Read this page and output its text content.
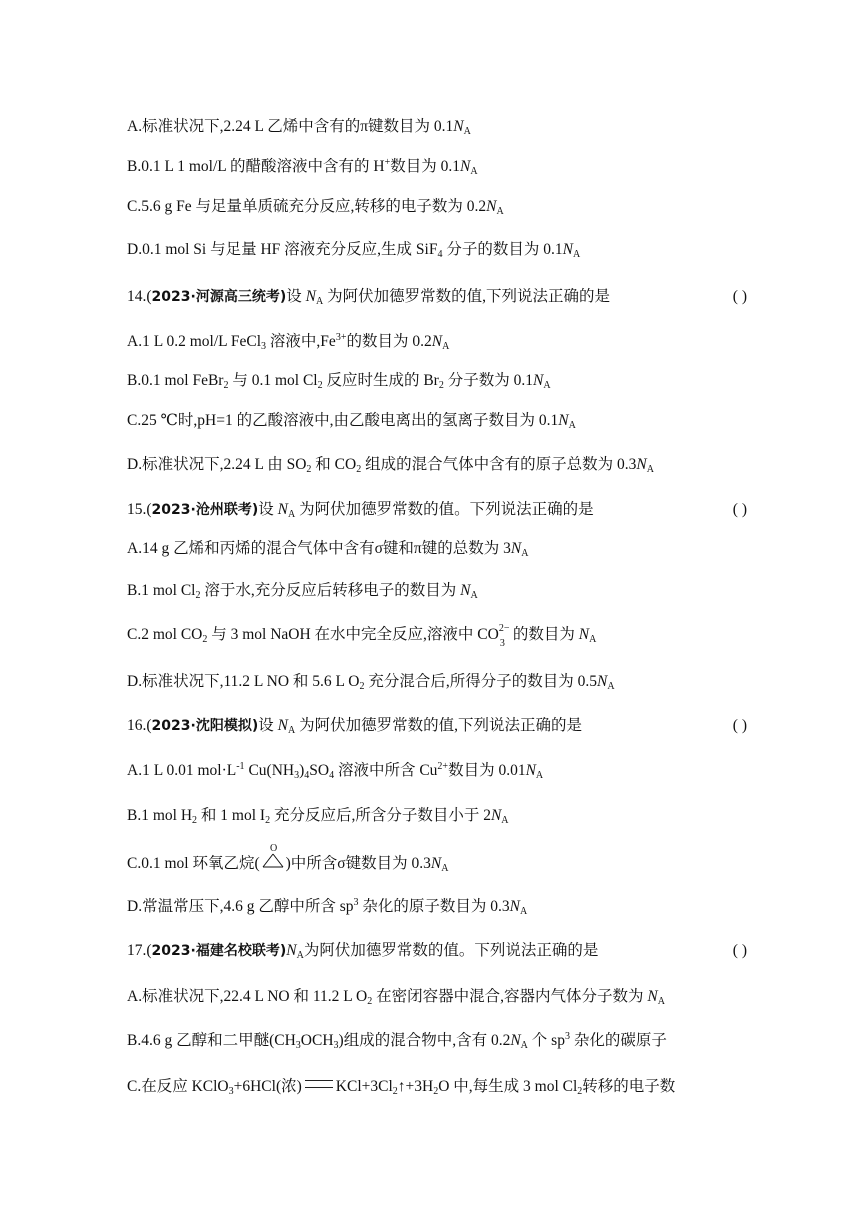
A.标准状况下,2.24 L 乙烯中含有的π键数目为 $0.1N_A$
B.0.1 L 1 mol/L 的醋酸溶液中含有的 H+数目为 $0.1N_A$
C.5.6 g Fe 与足量单质硫充分反应,转移的电子数为 $0.2N_A$
D.0.1 mol Si 与足量 HF 溶液充分反应,生成 SiF$_4$ 分子的数目为 $0.1N_A$
14.(2023·河源高三统考)设 $N_A$ 为阿伏加德罗常数的值,下列说法正确的是	( )
A.1 L 0.2 mol/L FeCl$_3$ 溶液中$,Fe^{3+}$的数目为 $0.2N_A$
B.0.1 mol FeBr$_2$ 与 0.1 mol $Cl_2$ 反应时生成的 $Br_2$ 分子数为 $0.1N_A$
C.25 ℃时,pH=1 的乙酸溶液中,由乙酸电离出的氢离子数目为 $0.1N_A$
D.标准状况下,2.24 L 由 $SO_2$ 和 $CO_2$ 组成的混合气体中含有的原子总数为 $0.3N_A$
15.(2023·沧州联考)设 $N_A$ 为阿伏加德罗常数的值。下列说法正确的是	( )
A.14 g 乙烯和丙烯的混合气体中含有σ键和π键的总数为 $3N_A$
B.1 mol $Cl_2$ 溶于水,充分反应后转移电子的数目为 $N_A$
C.2 mol $CO_2$ 与 3 mol NaOH 在水中完全反应,溶液中 CO 2−
3
的数目为 $N_A$
D.标准状况下,11.2 L NO 和 5.6 L $O_2$ 充分混合后,所得分子的数目为 $0.5N_A$
16.(2023·沈阳模拟)设 $N_A$ 为阿伏加德罗常数的值,下列说法正确的是	( )
A.1 L 0.01 $mol\cdot L^{-1}$ $Cu(NH_3)_4SO_4$ 溶液中所含 $Cu^{2+}$数目为 $0.01N_A$
B.1 mol $H_2$ 和 1 mol $I_2$ 充分反应后,所含分子数目小于 $2N_A$
C.0.1 mol 环氧乙烷(
O
)中所含σ键数目为 $0.3N_A$
D.常温常压下,4.6 g 乙醇中所含 $sp^3$ 杂化的原子数目为 $0.3N_A$
17.(2023·福建名校联考)$N_A$为阿伏加德罗常数的值。下列说法正确的是	( )
A.标准状况下,22.4 L NO 和 11.2 L $O_2$ 在密闭容器中混合,容器内气体分子数为 $N_A$
B.4.6 g 乙醇和二甲醚$(CH_3OCH_3)$组成的混合物中,含有 $0.2N_A$ 个 $sp^3$ 杂化的碳原子
C.在反应 KClO$_3$+6HCl(浓) $KCl+3Cl_2↑+3H_2O$ 中,每生成 3 mol $Cl_2$转移的电子数
